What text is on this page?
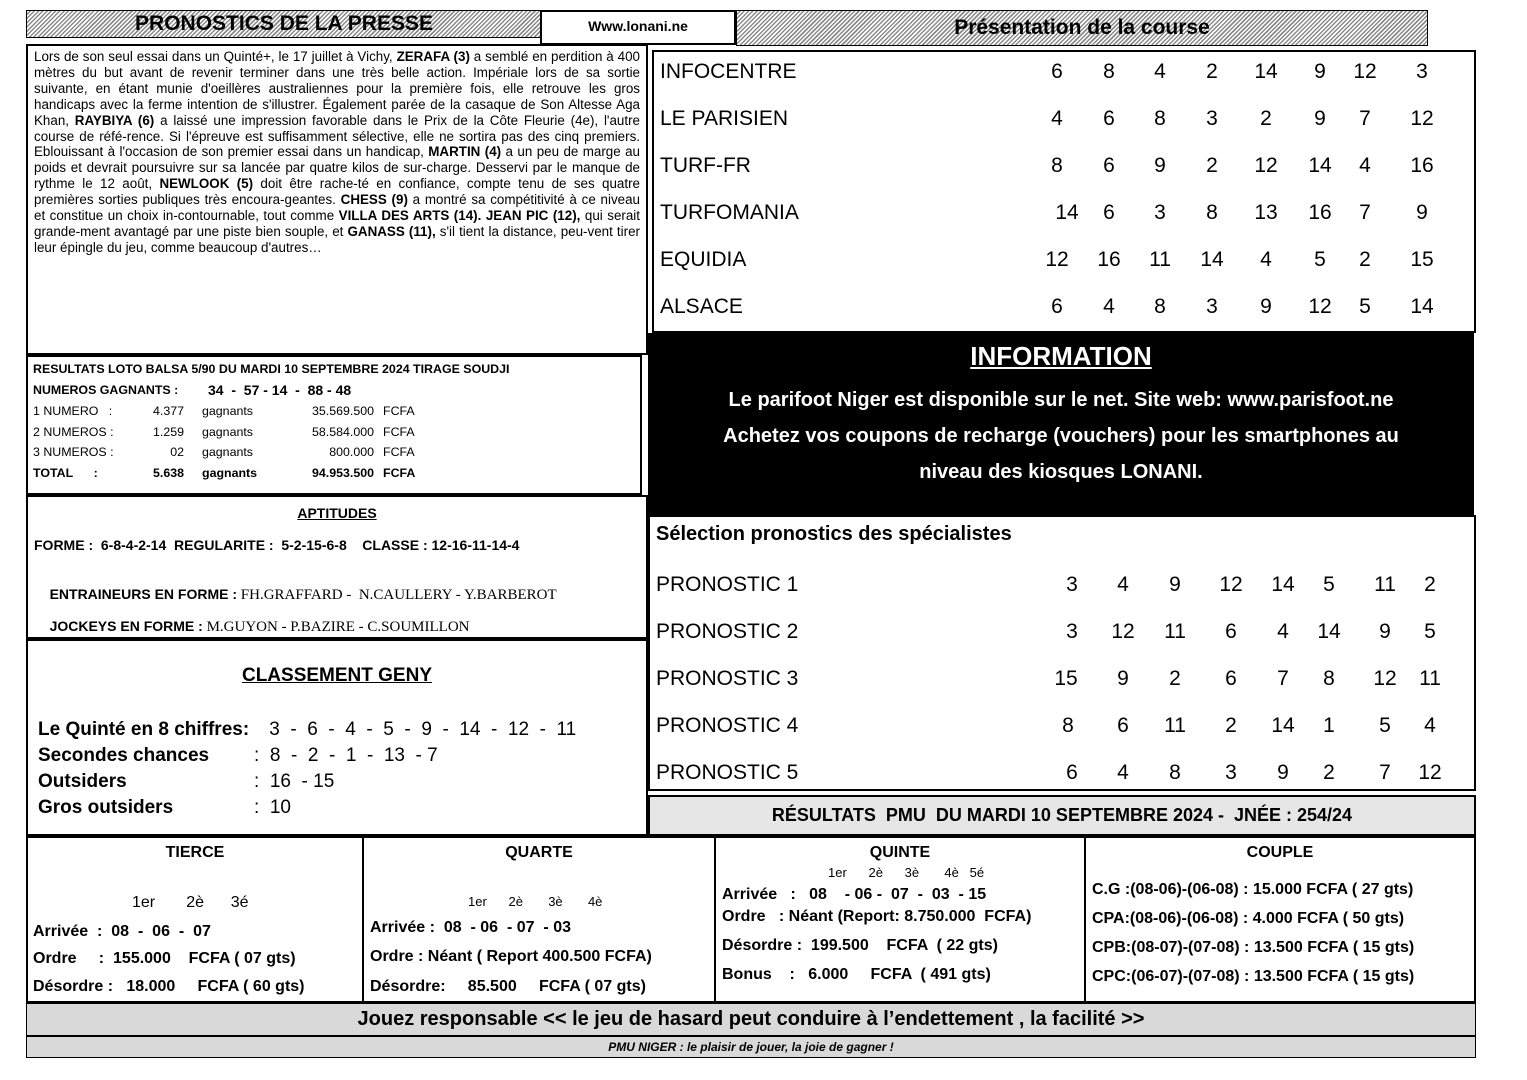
PRONOSTICS DE LA PRESSE	Www.lonani.ne	Présentation de la course
Lors de son seul essai dans un Quinté+, le 17 juillet à Vichy, ZERAFA (3) a semblé en perdition à 400 mètres du but avant de revenir terminer dans une très belle action. Impériale lors de sa sortie suivante, en étant munie d'oeillères australiennes pour la première fois, elle retrouve les gros handicaps avec la ferme intention de s'illustrer. Également parée de la casaque de Son Altesse Aga Khan, RAYBIYA (6) a laissé une impression favorable dans le Prix de la Côte Fleurie (4e), l'autre course de réfé-rence. Si l'épreuve est suffisamment sélective, elle ne sortira pas des cinq premiers. Eblouissant à l'occasion de son premier essai dans un handicap, MARTIN (4) a un peu de marge au poids et devrait poursuivre sur sa lancée par quatre kilos de sur-charge. Desservi par le manque de rythme le 12 août, NEWLOOK (5) doit être rache-té en confiance, compte tenu de ses quatre premières sorties publiques très encoura-geantes. CHESS (9) a montré sa compétitivité à ce niveau et constitue un choix in-contournable, tout comme VILLA DES ARTS (14). JEAN PIC (12), qui serait grande-ment avantagé par une piste bien souple, et GANASS (11), s'il tient la distance, peu-vent tirer leur épingle du jeu, comme beaucoup d'autres…
INFOCENTRE	6	8	4	2	14	9	12	3
LE PARISIEN	4	6	8	3	2	9	7	12
TURF-FR	8	6	9	2	12	14	4	16
TURFOMANIA	14	6	3	8	13	16	7	9
EQUIDIA	12	16	11	14	4	5	2	15
ALSACE	6	4	8	3	9	12	5	14
RESULTATS LOTO BALSA 5/90 DU MARDI 10 SEPTEMBRE 2024 TIRAGE SOUDJI
NUMEROS GAGNANTS : 34  -  57 - 14  -  88 - 48
1 NUMERO   :	4.377 gagnants	35.569.500 FCFA
2 NUMEROS :	1.259 gagnants	58.584.000 FCFA
3 NUMEROS :	02 gagnants	800.000 FCFA
TOTAL      :	5.638 gagnants	94.953.500 FCFA
INFORMATION
Le parifoot Niger est disponible sur le net. Site web: www.parisfoot.ne
Achetez vos coupons de recharge (vouchers) pour les smartphones au
niveau des kiosques LONANI.
APTITUDES
FORME :  6-8-4-2-14  REGULARITE :  5-2-15-6-8    CLASSE : 12-16-11-14-4

ENTRAINEURS EN FORME : FH.GRAFFARD -  N.CAULLERY - Y.BARBEROT

JOCKEYS EN FORME : M.GUYON - P.BAZIRE - C.SOUMILLON

Sélection pronostics des spécialistes
PRONOSTIC 1	3	4	9	12	14	5	11	2
PRONOSTIC 2	3	12	11	6	4	14	9	5
PRONOSTIC 3	15	9	2	6	7	8	12	11
PRONOSTIC 4	8	6	11	2	14	1	5	4
PRONOSTIC 5	6	4	8	3	9	2	7	12
CLASSEMENT GENY
Le Quinté en 8 chiffres: 3  -  6  -  4  -  5  -  9  -  14  -  12  -  11
Secondes chances :  8  -  2  -  1  -  13  - 7
Outsiders	:  16  - 15
Gros outsiders	:  10	RÉSULTATS  PMU  DU MARDI 10 SEPTEMBRE 2024 -  JNÉE : 254/24
TIERCE
1er       2è      3é
Arrivée  :  08  -  06  -  07
Ordre     :  155.000    FCFA ( 07 gts)
Désordre :   18.000     FCFA ( 60 gts)
QUARTE
1er      2è       3è       4è
Arrivée :  08  - 06  - 07  - 03
Ordre : Néant ( Report 400.500 FCFA)
Désordre:     85.500     FCFA ( 07 gts)
QUINTE
1er      2è      3è       4è   5é
Arrivée   :   08    - 06 -  07  -  03  - 15
Ordre   : Néant (Report: 8.750.000  FCFA)
Désordre :  199.500    FCFA  ( 22 gts)
Bonus    :   6.000     FCFA  ( 491 gts)
COUPLE
C.G :(08-06)-(06-08) : 15.000 FCFA ( 27 gts)
CPA:(08-06)-(06-08) : 4.000 FCFA ( 50 gts)
CPB:(08-07)-(07-08) : 13.500 FCFA ( 15 gts)
CPC:(06-07)-(07-08) : 13.500 FCFA ( 15 gts)
Jouez responsable << le jeu de hasard peut conduire à l’endettement , la facilité >>
PMU NIGER : le plaisir de jouer, la joie de gagner !
